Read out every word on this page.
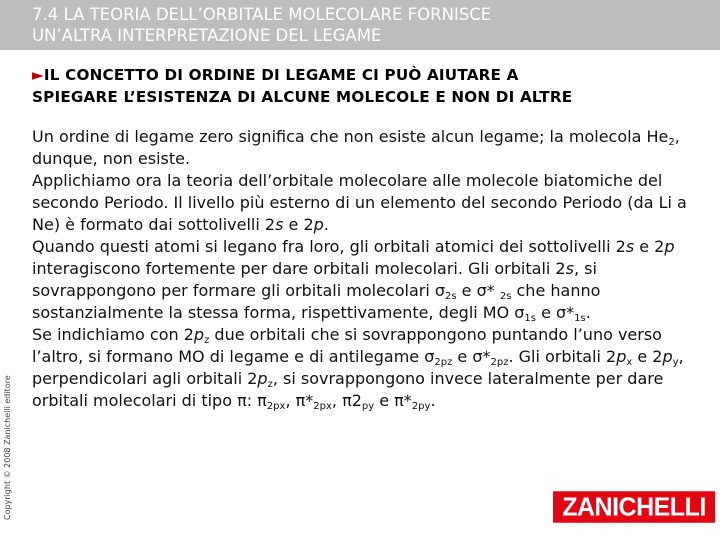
7.4 LA TEORIA DELL’ORBITALE MOLECOLARE FORNISCE
UN’ALTRA INTERPRETAZIONE DEL LEGAME
►IL CONCETTO DI ORDINE DI LEGAME CI PUÒ AIUTARE A
SPIEGARE L’ESISTENZA DI ALCUNE MOLECOLE E NON DI ALTRE

Un ordine di legame zero significa che non esiste alcun legame; la molecola $He_2$, dunque, non esiste.

Applichiamo ora la teoria dell’orbitale molecolare alle molecole biatomiche del secondo Periodo. Il livello più esterno di un elemento del secondo Periodo (da Li a Ne) è formato dai sottolivelli 2s e 2p.

Quando questi atomi si legano fra loro, gli orbitali atomici dei sottolivelli 2s e 2p interagiscono fortemente per dare orbitali molecolari. Gli orbitali 2s, si sovrappongono per formare gli orbitali molecolari $\sigma_{2s}$ e σ* $_{2s}$ che hanno sostanzialmente la stessa forma, rispettivamente, degli MO $\sigma_{1s}$ e $\sigma*_{1s}$.

Se indichiamo con $2p_z$ due orbitali che si sovrappongono puntando l’uno verso l’altro, si formano MO di legame e di antilegame $\sigma_{2pz}$ e $\sigma*_{2pz}$. Gli orbitali $2p_x$ e $2p_y$, perpendicolari agli orbitali $2p_z$, si sovrappongono invece lateralmente per dare orbitali molecolari di tipo π: $\pi_{2px}$, $\pi*_{2px}$, $\pi 2_{py}$ e $\pi*_{2py}$.

Copyright © 2008 Zanichelli editore	ZANICHELLI
